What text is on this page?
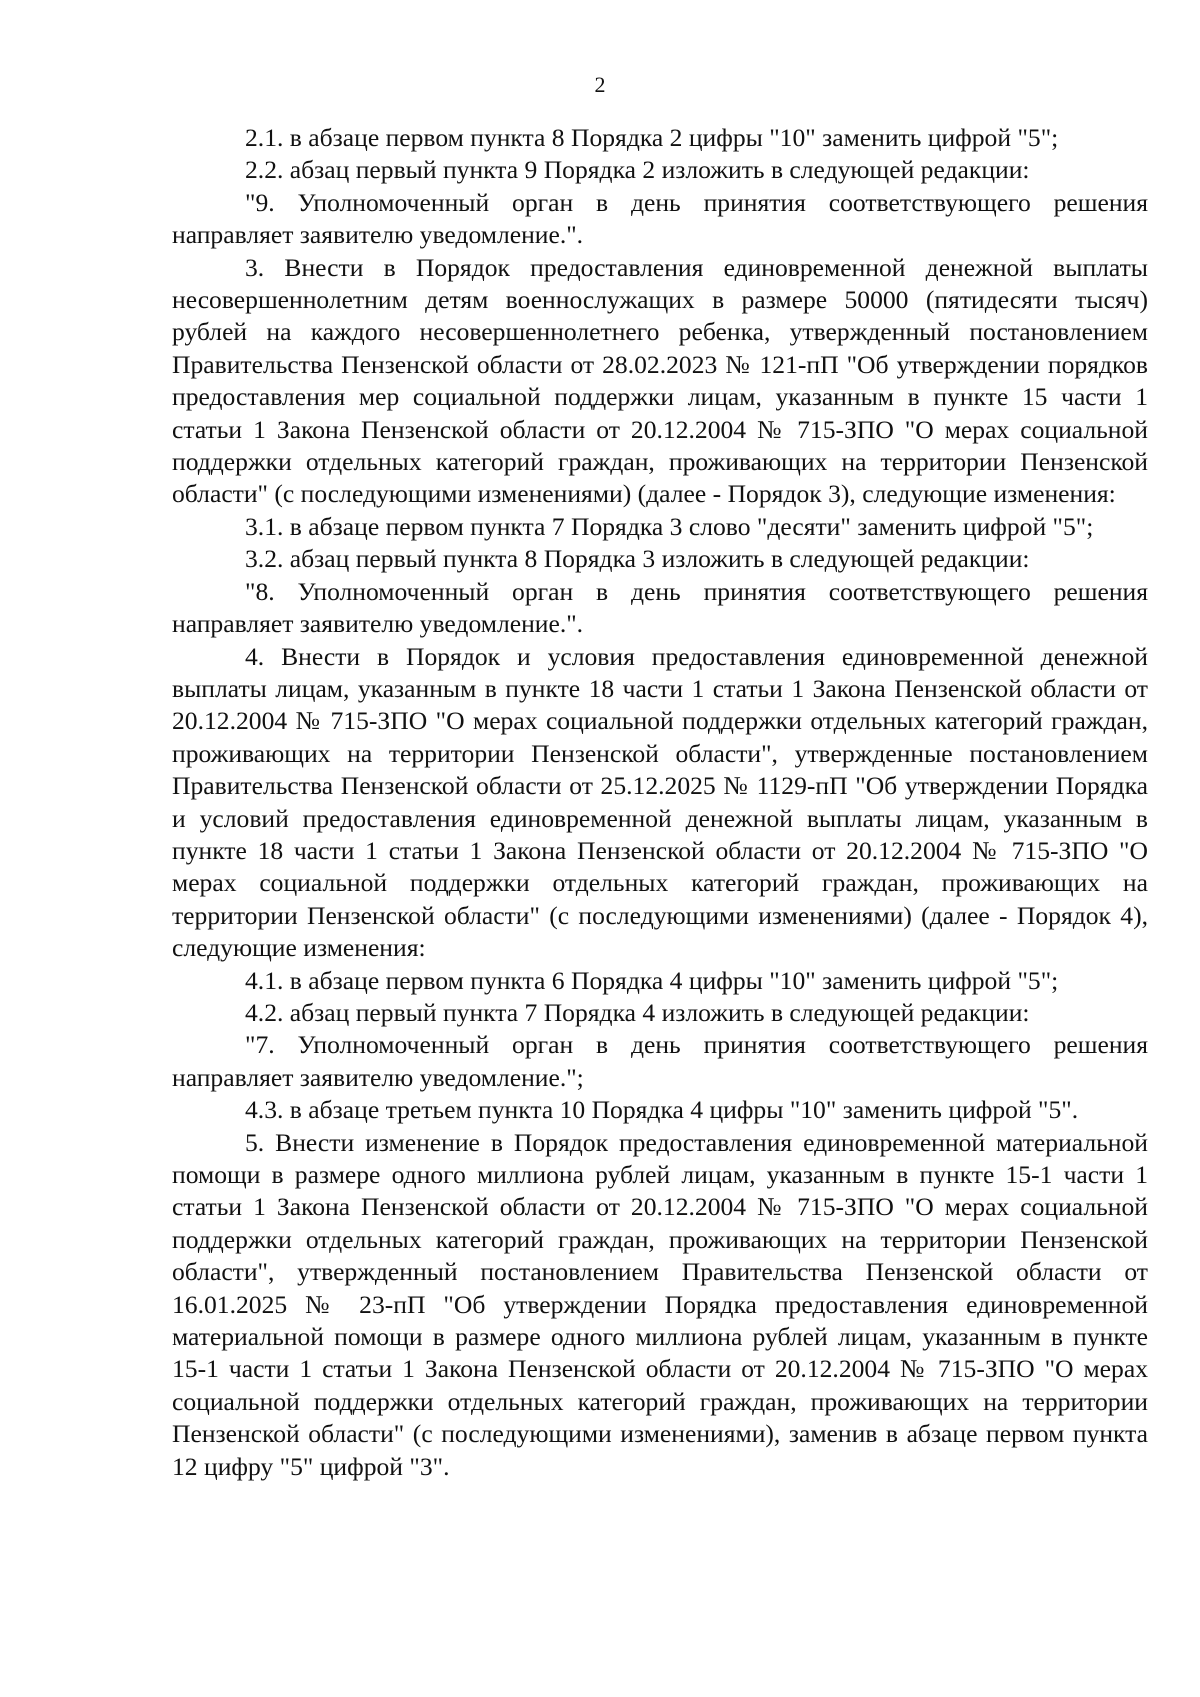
2

2.1. в абзаце первом пункта 8 Порядка 2 цифры "10" заменить цифрой "5";

2.2. абзац первый пункта 9 Порядка 2 изложить в следующей редакции:

"9. Уполномоченный орган в день принятия соответствующего решения направляет заявителю уведомление.".

3. Внести в Порядок предоставления единовременной денежной выплаты несовершеннолетним детям военнослужащих в размере 50000 (пятидесяти тысяч) рублей на каждого несовершеннолетнего ребенка, утвержденный постановлением Правительства Пензенской области от 28.02.2023 № 121-пП "Об утверждении порядков предоставления мер социальной поддержки лицам, указанным в пункте 15 части 1 статьи 1 Закона Пензенской области от 20.12.2004 № 715-ЗПО "О мерах социальной поддержки отдельных категорий граждан, проживающих на территории Пензенской области" (с последующими изменениями) (далее - Порядок 3), следующие изменения:

3.1. в абзаце первом пункта 7 Порядка 3 слово "десяти" заменить цифрой "5";

3.2. абзац первый пункта 8 Порядка 3 изложить в следующей редакции:

"8. Уполномоченный орган в день принятия соответствующего решения направляет заявителю уведомление.".

4. Внести в Порядок и условия предоставления единовременной денежной выплаты лицам, указанным в пункте 18 части 1 статьи 1 Закона Пензенской области от 20.12.2004 № 715-ЗПО "О мерах социальной поддержки отдельных категорий граждан, проживающих на территории Пензенской области", утвержденные постановлением Правительства Пензенской области от 25.12.2025 № 1129-пП "Об утверждении Порядка и условий предоставления единовременной денежной выплаты лицам, указанным в пункте 18 части 1 статьи 1 Закона Пензенской области от 20.12.2004 № 715-ЗПО "О мерах социальной поддержки отдельных категорий граждан, проживающих на территории Пензенской области" (с последующими изменениями) (далее - Порядок 4), следующие изменения:

4.1. в абзаце первом пункта 6 Порядка 4 цифры "10" заменить цифрой "5";

4.2. абзац первый пункта 7 Порядка 4 изложить в следующей редакции:

"7. Уполномоченный орган в день принятия соответствующего решения направляет заявителю уведомление.";

4.3. в абзаце третьем пункта 10 Порядка 4 цифры "10" заменить цифрой "5".

5. Внести изменение в Порядок предоставления единовременной материальной помощи в размере одного миллиона рублей лицам, указанным в пункте 15-1 части 1 статьи 1 Закона Пензенской области от 20.12.2004 № 715-ЗПО "О мерах социальной поддержки отдельных категорий граждан, проживающих на территории Пензенской области", утвержденный постановлением Правительства Пензенской области от 16.01.2025 № 23-пП "Об утверждении Порядка предоставления единовременной материальной помощи в размере одного миллиона рублей лицам, указанным в пункте 15-1 части 1 статьи 1 Закона Пензенской области от 20.12.2004 № 715-ЗПО "О мерах социальной поддержки отдельных категорий граждан, проживающих на территории Пензенской области" (с последующими изменениями), заменив в абзаце первом пункта 12 цифру "5" цифрой "3".
